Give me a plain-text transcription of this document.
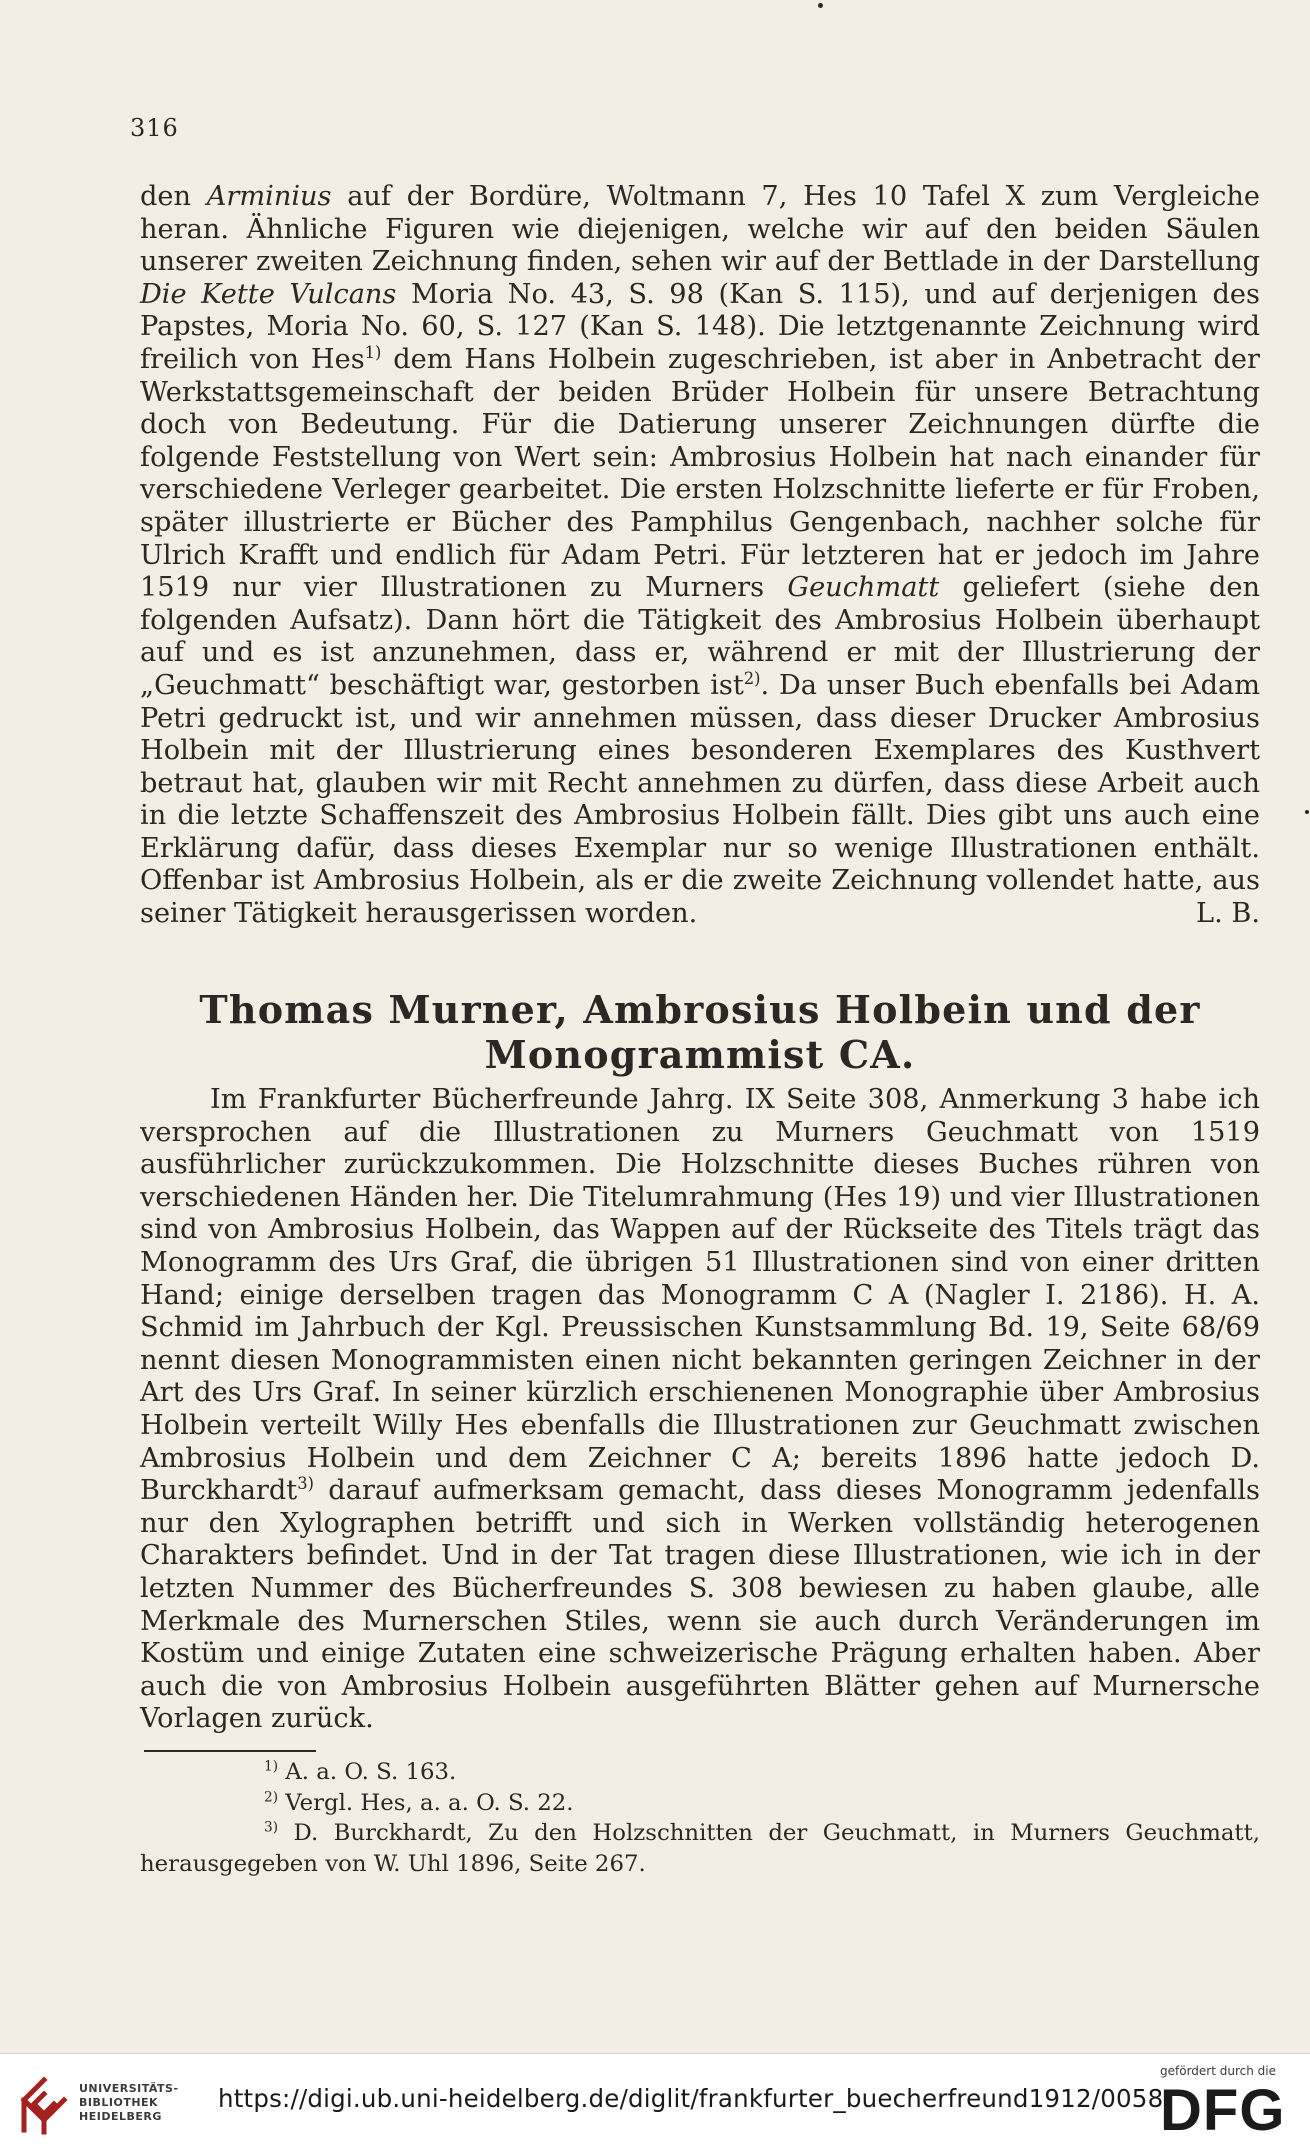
316

den Arminius auf der Bordüre, Woltmann 7, Hes 10 Tafel X zum Vergleiche heran. Ähnliche Figuren wie diejenigen, welche wir auf den beiden Säulen unserer zweiten Zeichnung finden, sehen wir auf der Bettlade in der Darstellung Die Kette Vulcans Moria No. 43, S. 98 (Kan S. 115), und auf derjenigen des Papstes, Moria No. 60, S. 127 (Kan S. 148). Die letztgenannte Zeichnung wird freilich von Hes$^{1)}$ dem Hans Holbein zugeschrieben, ist aber in Anbetracht der Werkstattsgemeinschaft der beiden Brüder Holbein für unsere Betrachtung doch von Bedeutung. Für die Datierung unserer Zeichnungen dürfte die folgende Feststellung von Wert sein: Ambrosius Holbein hat nach einander für verschiedene Verleger gearbeitet. Die ersten Holzschnitte lieferte er für Froben, später illustrierte er Bücher des Pamphilus Gengenbach, nachher solche für Ulrich Krafft und endlich für Adam Petri. Für letzteren hat er jedoch im Jahre 1519 nur vier Illustrationen zu Murners Geuchmatt geliefert (siehe den folgenden Aufsatz). Dann hört die Tätigkeit des Ambrosius Holbein überhaupt auf und es ist anzunehmen, dass er, während er mit der Illustrierung der „Geuchmatt“ beschäftigt war, gestorben ist$^{2)}$. Da unser Buch ebenfalls bei Adam Petri gedruckt ist, und wir annehmen müssen, dass dieser Drucker Ambrosius Holbein mit der Illustrierung eines besonderen Exemplares des Kusthvert betraut hat, glauben wir mit Recht annehmen zu dürfen, dass diese Arbeit auch in die letzte Schaffenszeit des Ambrosius Holbein fällt. Dies gibt uns auch eine Erklärung dafür, dass dieses Exemplar nur so wenige Illustrationen enthält. Offenbar ist Ambrosius Holbein, als er die zweite Zeichnung vollendet hatte, aus seiner Tätigkeit herausgerissen worden.	L. B.

Thomas Murner, Ambrosius Holbein und der
Monogrammist CA.

Im Frankfurter Bücherfreunde Jahrg. IX Seite 308, Anmerkung 3 habe ich versprochen auf die Illustrationen zu Murners Geuchmatt von 1519 ausführlicher zurückzukommen. Die Holzschnitte dieses Buches rühren von verschiedenen Händen her. Die Titelumrahmung (Hes 19) und vier Illustrationen sind von Ambrosius Holbein, das Wappen auf der Rückseite des Titels trägt das Monogramm des Urs Graf, die übrigen 51 Illustrationen sind von einer dritten Hand; einige derselben tragen das Monogramm C A (Nagler I. 2186). H. A. Schmid im Jahrbuch der Kgl. Preussischen Kunstsammlung Bd. 19, Seite 68/69 nennt diesen Monogrammisten einen nicht bekannten geringen Zeichner in der Art des Urs Graf. In seiner kürzlich erschienenen Monographie über Ambrosius Holbein verteilt Willy Hes ebenfalls die Illustrationen zur Geuchmatt zwischen Ambrosius Holbein und dem Zeichner C A; bereits 1896 hatte jedoch D. Burckhardt$^{3)}$ darauf aufmerksam gemacht, dass dieses Monogramm jedenfalls nur den Xylographen betrifft und sich in Werken vollständig heterogenen Charakters befindet. Und in der Tat tragen diese Illustrationen, wie ich in der letzten Nummer des Bücherfreundes S. 308 bewiesen zu haben glaube, alle Merkmale des Murnerschen Stiles, wenn sie auch durch Veränderungen im Kostüm und einige Zutaten eine schweizerische Prägung erhalten haben. Aber auch die von Ambrosius Holbein ausgeführten Blätter gehen auf Murnersche Vorlagen zurück.

$^{1)}$ A. a. O. S. 163.

$^{2)}$ Vergl. Hes, a. a. O. S. 22.

$^{3)}$ D. Burckhardt, Zu den Holzschnitten der Geuchmatt, in Murners Geuchmatt, herausgegeben von W. Uhl 1896, Seite 267.

UNIVERSITÄTS-
BIBLIOTHEK
HEIDELBERG
https://digi.ub.uni-heidelberg.de/diglit/frankfurter_buecherfreund1912/0058
gefördert durch die
DFG
